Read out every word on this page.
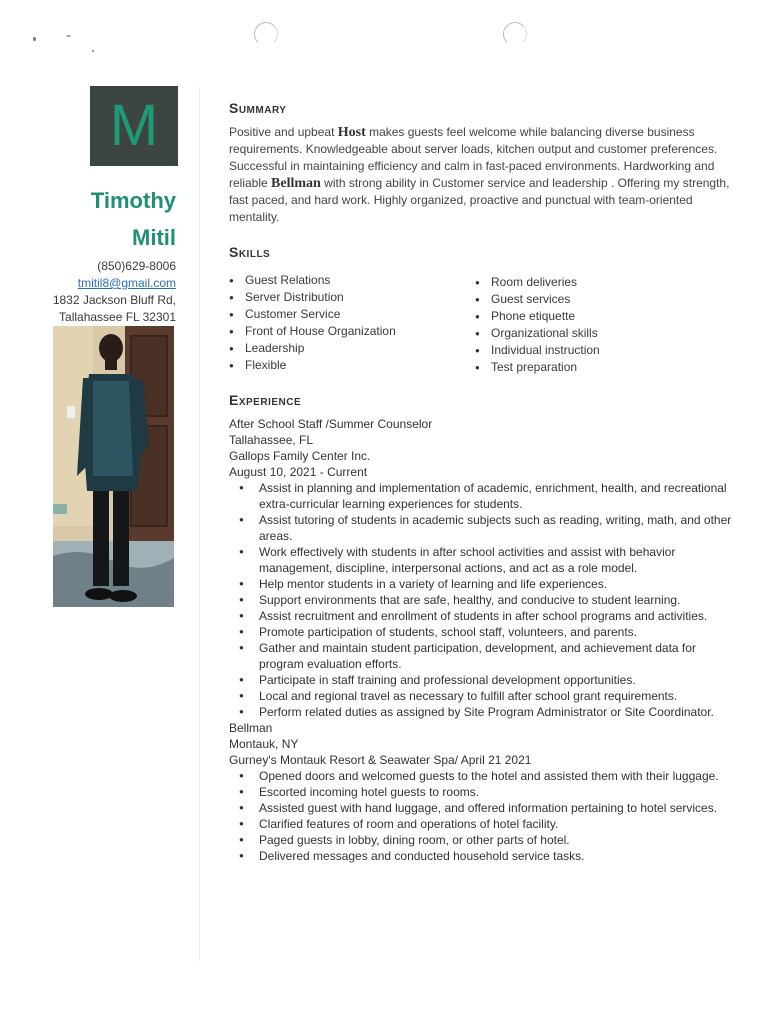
M
Timothy
Mitil
(850)629-8006
tmitil8@gmail.com
1832 Jackson Bluff Rd,
Tallahassee FL 32301
Summary

Positive and upbeat Host makes guests feel welcome while balancing diverse business requirements. Knowledgeable about server loads, kitchen output and customer preferences. Successful in maintaining efficiency and calm in fast-paced environments. Hardworking and reliable Bellman with strong ability in Customer service and leadership . Offering my strength, fast paced, and hard work. Highly organized, proactive and punctual with team-oriented mentality.

Skills
● Guest Relations
● Server Distribution
● Customer Service
● Front of House Organization
● Leadership
● Flexible
● Room deliveries
● Guest services
● Phone etiquette
● Organizational skills
● Individual instruction
● Test preparation
Experience

After School Staff /Summer Counselor

Tallahassee, FL

Gallops Family Center Inc.

August 10, 2021 - Current

● Assist in planning and implementation of academic, enrichment, health, and recreational extra-curricular learning experiences for students.
● Assist tutoring of students in academic subjects such as reading, writing, math, and other areas.
● Work effectively with students in after school activities and assist with behavior management, discipline, interpersonal actions, and act as a role model.
● Help mentor students in a variety of learning and life experiences.
● Support environments that are safe, healthy, and conducive to student learning.
● Assist recruitment and enrollment of students in after school programs and activities.
● Promote participation of students, school staff, volunteers, and parents.
● Gather and maintain student participation, development, and achievement data for program evaluation efforts.
● Participate in staff training and professional development opportunities.
● Local and regional travel as necessary to fulfill after school grant requirements.
● Perform related duties as assigned by Site Program Administrator or Site Coordinator.

Bellman

Montauk, NY

Gurney's Montauk Resort & Seawater Spa/ April 21 2021

● Opened doors and welcomed guests to the hotel and assisted them with their luggage.
● Escorted incoming hotel guests to rooms.
● Assisted guest with hand luggage, and offered information pertaining to hotel services.
● Clarified features of room and operations of hotel facility.
● Paged guests in lobby, dining room, or other parts of hotel.
● Delivered messages and conducted household service tasks.
